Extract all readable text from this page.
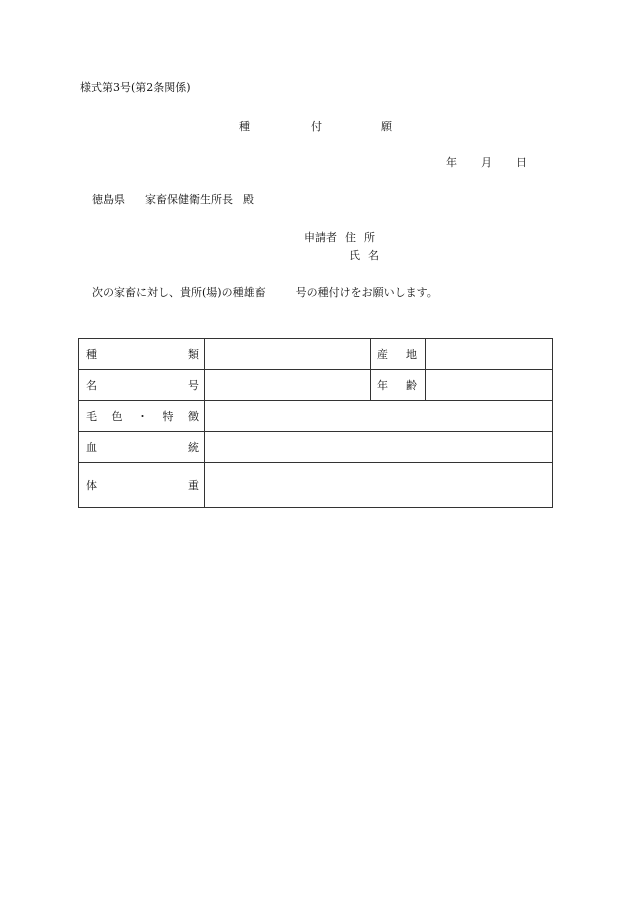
様式第3号(第2条関係)
種	付	願
年 月 日
徳島県 家畜保健衛生所長 殿
申請者 住 所
氏 名
次の家畜に対し、貴所(場)の種雄畜	号の種付けをお願いします。
種 類		産 地	

名 号		年 齢	

毛 色 ・ 特 徴			

血 統			

体 重			
